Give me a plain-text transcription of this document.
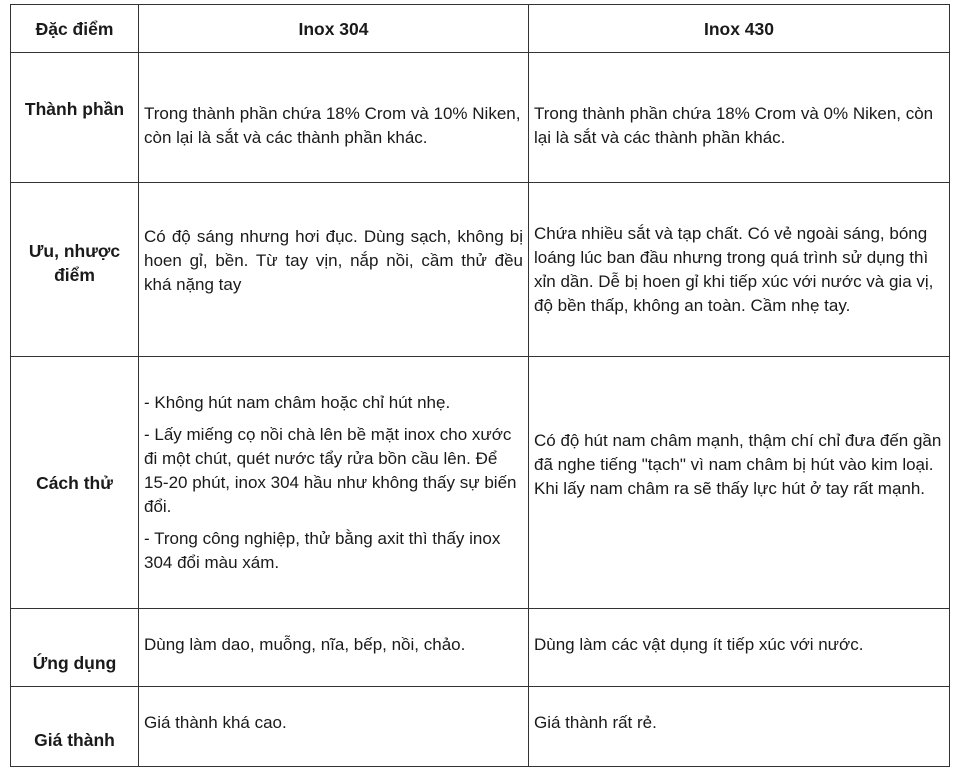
Đặc điểm	Inox 304	Inox 430
Thành phần	Trong thành phần chứa 18% Crom và 10% Niken, còn lại là sắt và các thành phần khác.	Trong thành phần chứa 18% Crom và 0% Niken, còn lại là sắt và các thành phần khác.

Ưu, nhược điểm	Có độ sáng nhưng hơi đục. Dùng sạch, không bị hoen gỉ, bền. Từ tay vịn, nắp nồi, cầm thử đều khá nặng tay	Chứa nhiều sắt và tạp chất. Có vẻ ngoài sáng, bóng loáng lúc ban đầu nhưng trong quá trình sử dụng thì xỉn dần. Dễ bị hoen gỉ khi tiếp xúc với nước và gia vị, độ bền thấp, không an toàn. Cầm nhẹ tay.

Cách thử	- Không hút nam châm hoặc chỉ hút nhẹ.

- Lấy miếng cọ nồi chà lên bề mặt inox cho xước đi một chút, quét nước tẩy rửa bồn cầu lên. Để 15-20 phút, inox 304 hầu như không thấy sự biến đổi.

- Trong công nghiệp, thử bằng axit thì thấy inox 304 đổi màu xám.	Có độ hút nam châm mạnh, thậm chí chỉ đưa đến gần đã nghe tiếng "tạch" vì nam châm bị hút vào kim loại. Khi lấy nam châm ra sẽ thấy lực hút ở tay rất mạnh.

Ứng dụng	Dùng làm dao, muỗng, nĩa, bếp, nồi, chảo.	Dùng làm các vật dụng ít tiếp xúc với nước.

Giá thành	Giá thành khá cao.	Giá thành rất rẻ.
